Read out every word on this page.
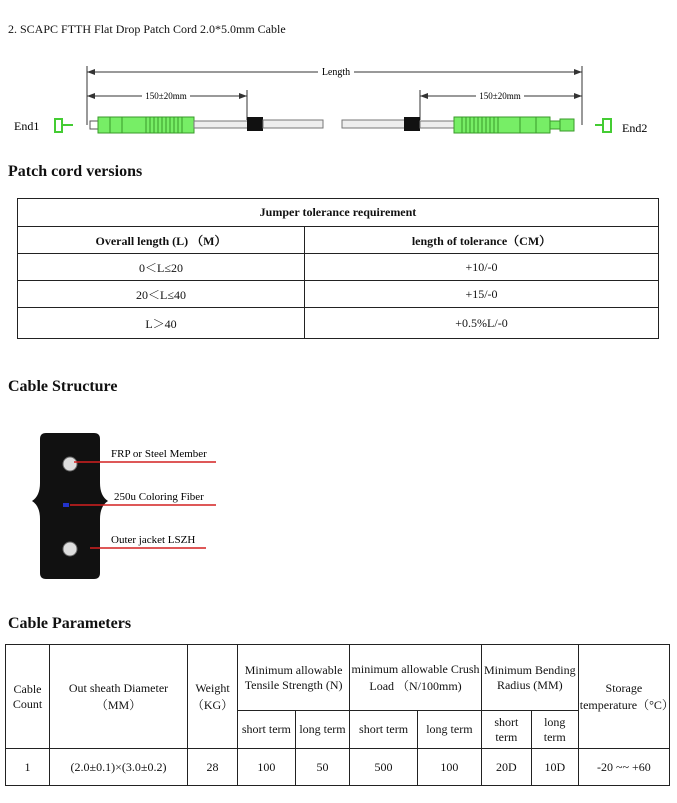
2. SCAPC FTTH Flat Drop Patch Cord 2.0*5.0mm Cable
Length
150±20mm	150±20mm
End1	End2
Patch cord versions
Jumper tolerance requirement	
Overall length (L) （M）	length of tolerance（CM）
0＜L≤20	+10/-0
20＜L≤40	+15/-0
L＞40	+0.5%L/-0
Cable Structure
FRP or Steel Member
250u Coloring Fiber
Outer jacket LSZH
Cable Parameters
Cable Count	Out sheath Diameter（MM）	Weight（KG）	Minimum allowable Tensile Strength (N)		minimum allowable Crush Load （N/100mm)		Minimum Bending Radius (MM)		Storage temperature（°C）
			short term	long term	short term	long term	short term	long term	
1	(2.0±0.1)×(3.0±0.2)	28	100	50	500	100	20D	10D	-20 ~~ +60
